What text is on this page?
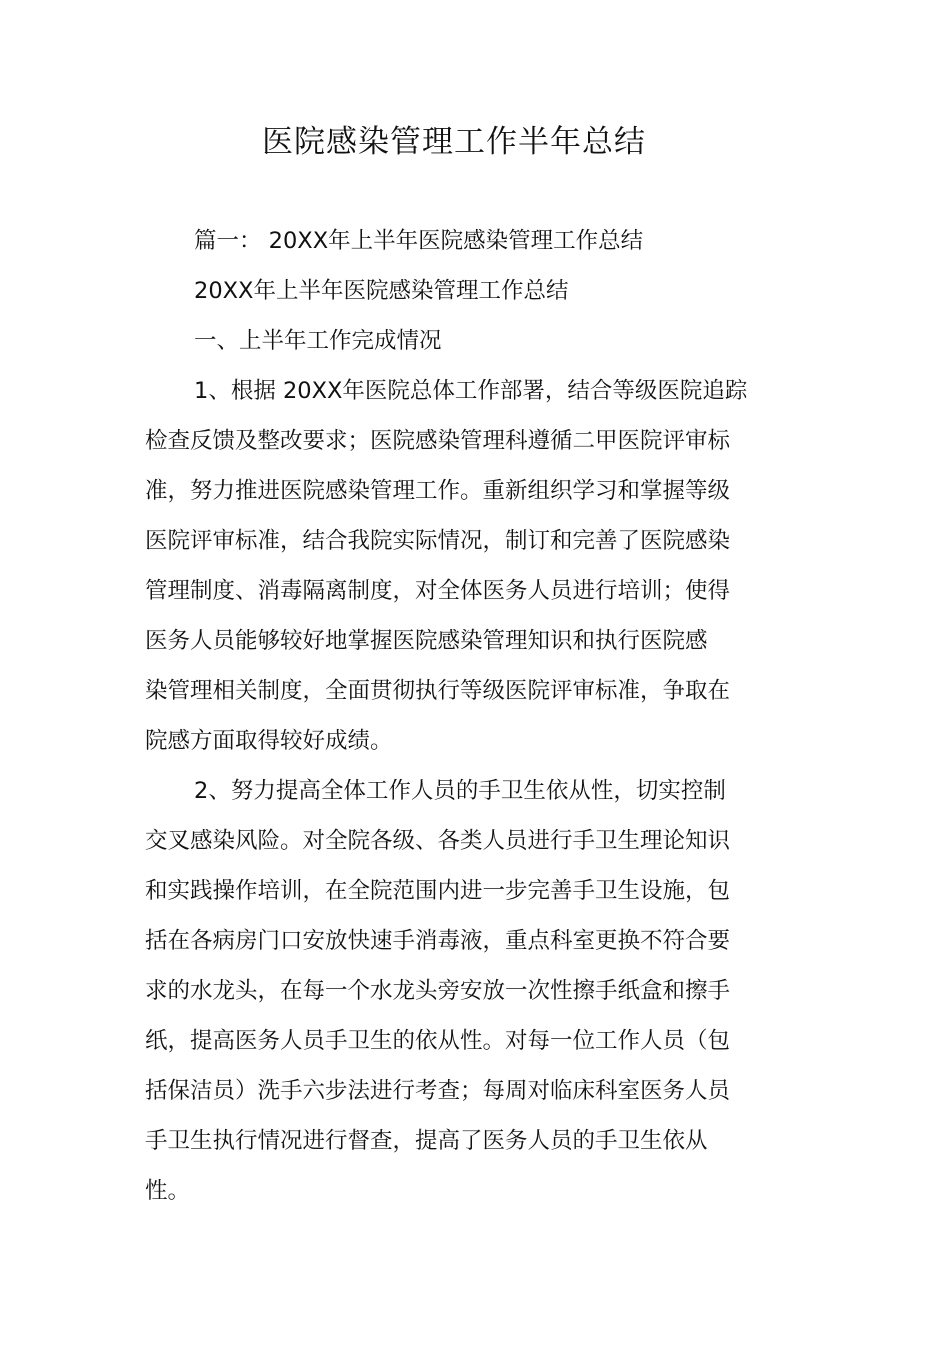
医院感染管理工作半年总结

篇一： 20XX年上半年医院感染管理工作总结

20XX年上半年医院感染管理工作总结

一、上半年工作完成情况

1、根据 20XX年医院总体工作部署，结合等级医院追踪

检查反馈及整改要求；医院感染管理科遵循二甲医院评审标

准，努力推进医院感染管理工作。重新组织学习和掌握等级

医院评审标准，结合我院实际情况，制订和完善了医院感染

管理制度、消毒隔离制度，对全体医务人员进行培训；使得

医务人员能够较好地掌握医院感染管理知识和执行医院感

染管理相关制度，全面贯彻执行等级医院评审标准，争取在

院感方面取得较好成绩。

2、努力提高全体工作人员的手卫生依从性，切实控制

交叉感染风险。对全院各级、各类人员进行手卫生理论知识

和实践操作培训，在全院范围内进一步完善手卫生设施，包

括在各病房门口安放快速手消毒液，重点科室更换不符合要

求的水龙头，在每一个水龙头旁安放一次性擦手纸盒和擦手

纸，提高医务人员手卫生的依从性。对每一位工作人员（包

括保洁员）洗手六步法进行考查；每周对临床科室医务人员

手卫生执行情况进行督查，提高了医务人员的手卫生依从

性。
